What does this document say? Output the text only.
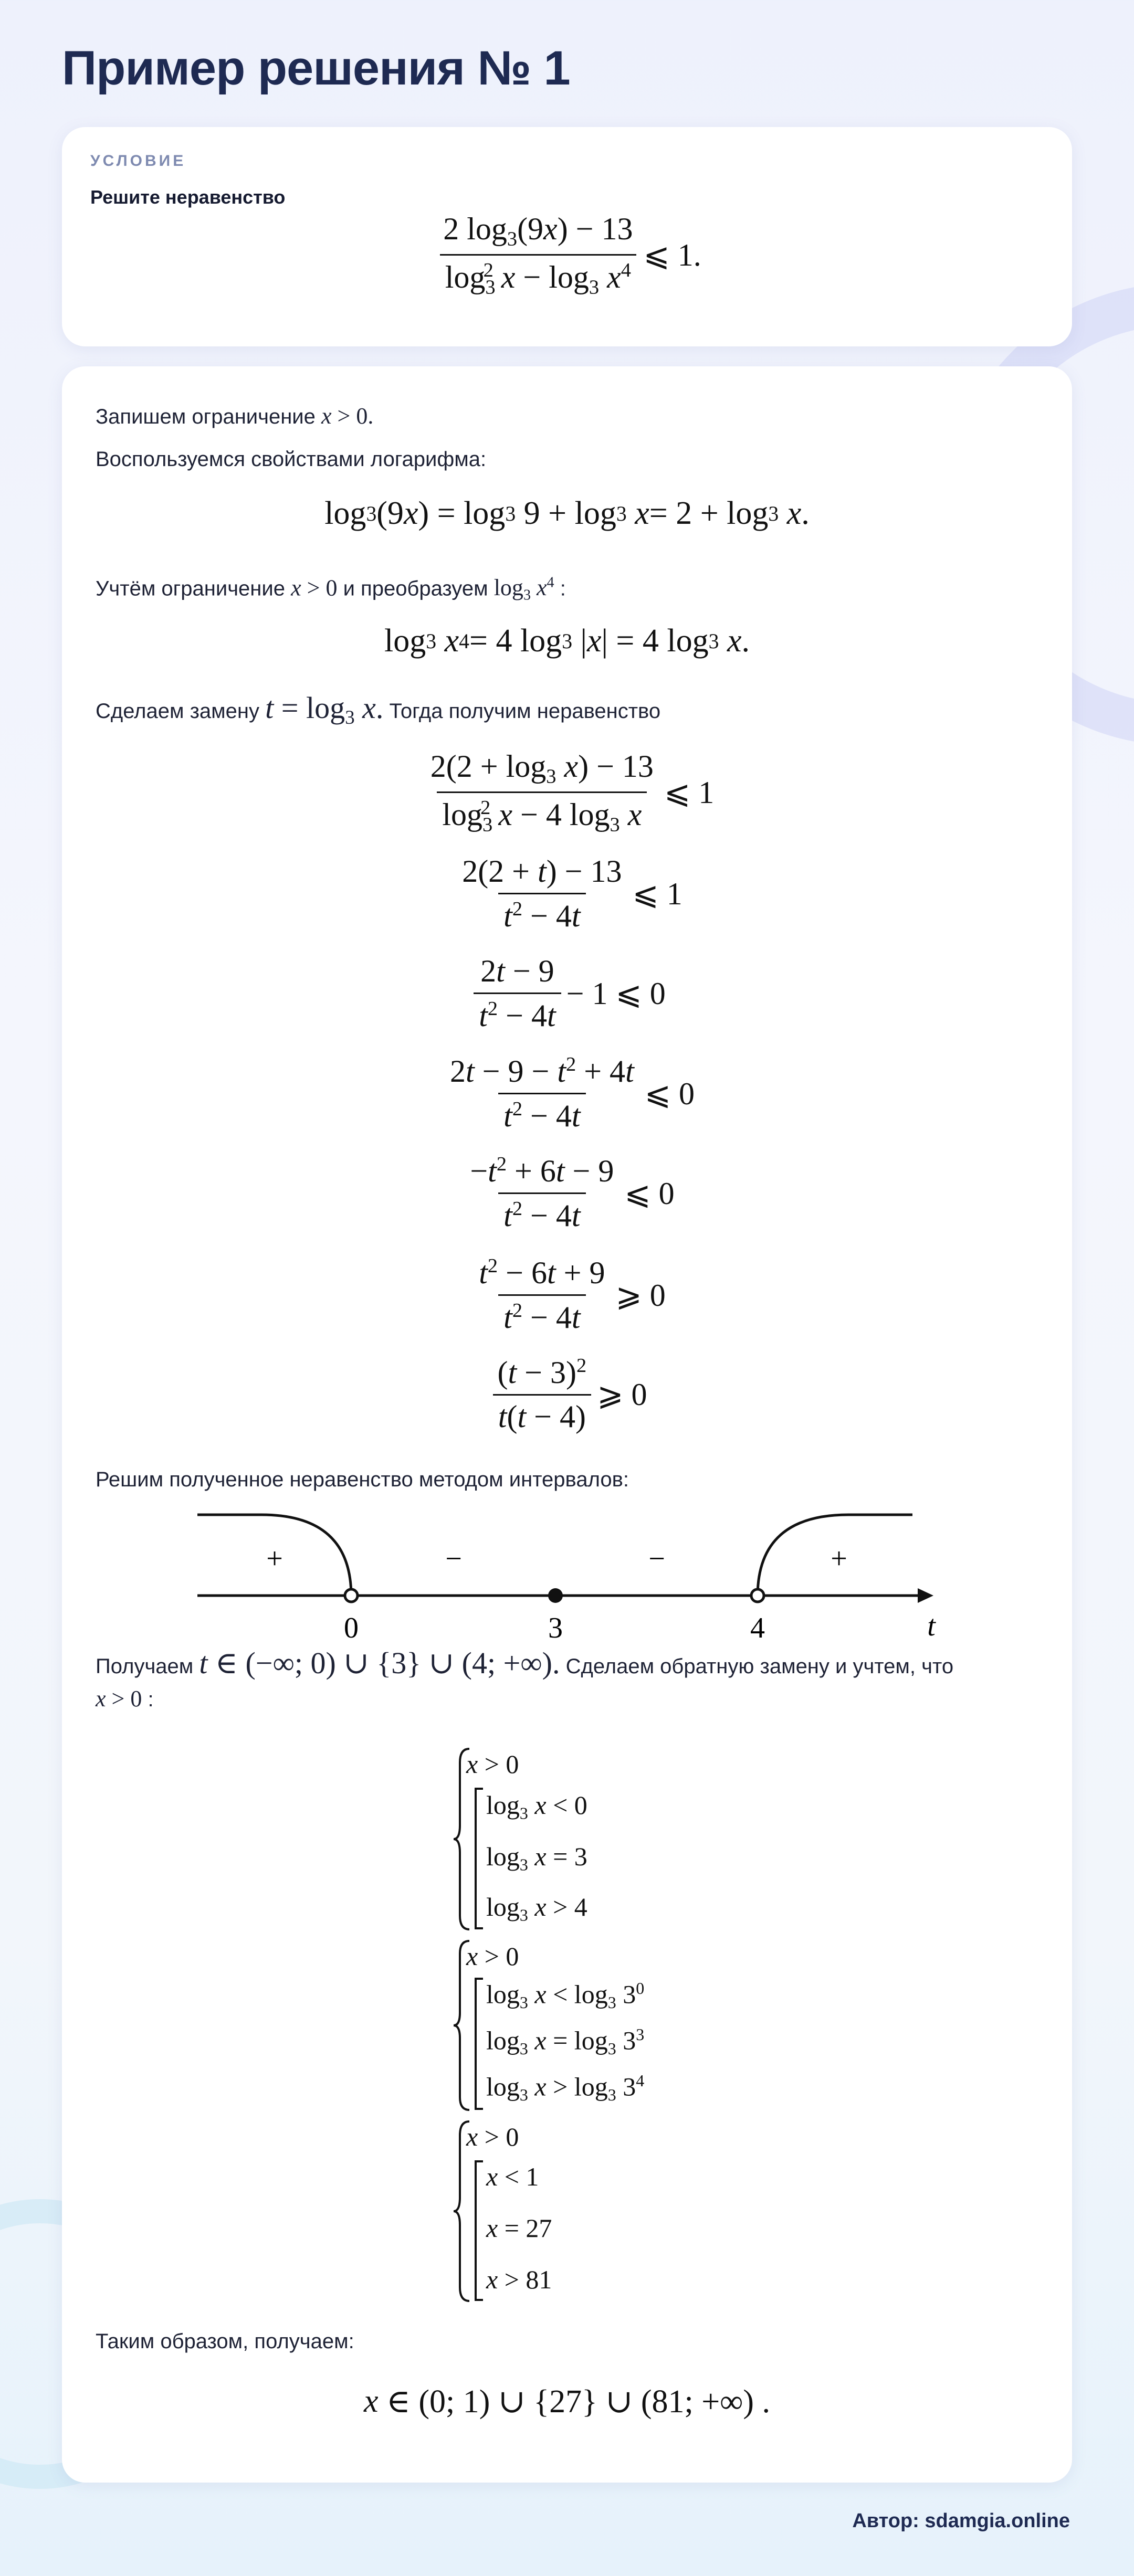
Пример решения № 1
УСЛОВИЕ
Решите неравенство
$\frac{2 \log_3(9x) - 13}{\log_3^2 x - \log_3 x^4}$ ⩽ 1.
Запишем ограничение x > 0.
Воспользуемся свойствами логарифма:
log 3 (9 x ) = log 3 9 + log 3
x = 2 + log 3
x .
Учтём ограничение x > 0 и преобразуем $\log_3 x^4$ :
log 3
x 4 = 4 log 3 | x | = 4 log 3
x .
Сделаем замену $t = \log_3 x$. Тогда получим неравенство
$\frac{2(2 + \log_3 x) - 13}{\log_3^2 x - 4 \log_3 x}$ ⩽ 1
$\frac{2(2 + t) - 13}{t^2 - 4t}$ ⩽ 1
$\frac{2t - 9}{t^2 - 4t} - 1$ ⩽ 0
$\frac{2t - 9 - t^2 + 4t}{t^2 - 4t}$ ⩽ 0
$\frac{-t^2 + 6t - 9}{t^2 - 4t}$ ⩽ 0
$\frac{t^2 - 6t + 9}{t^2 - 4t}$ ⩾ 0
$\frac{(t - 3)^2}{t(t - 4)}$ ⩾ 0
Решим полученное неравенство методом интервалов:
+	−	−	+
0	3	4	t
Получаем t ∈ (−∞; 0) ∪ {3} ∪ (4; +∞). Сделаем обратную замену и учтем, что
x > 0 :
x > 0
$\log_3 x < 0$
$\log_3 x = 3$
$\log_3 x > 4$
x > 0
$\log_3 x < \log_3 3^0$
$\log_3 x = \log_3 3^3$
$\log_3 x > \log_3 3^4$
x > 0
x < 1
x = 27
x > 81
Таким образом, получаем:
x ∈ (0; 1) ∪ {27} ∪ (81; +∞) .
Автор: sdamgia.online
